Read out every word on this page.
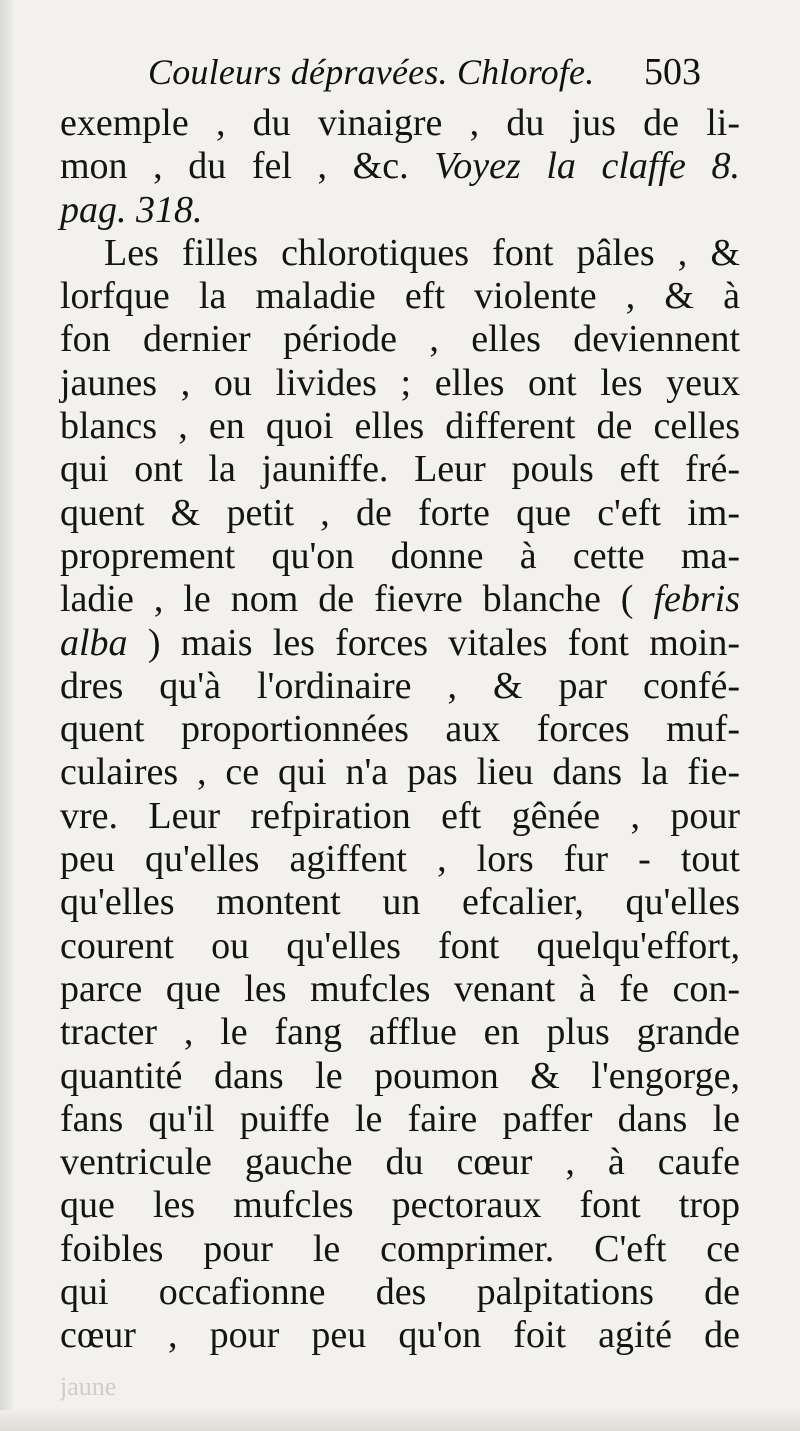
Couleurs dépravées. Chlorofe. 503
exemple , du vinaigre , du jus de li-
mon , du fel , &c. Voyez la claffe 8.
pag. 318.
Les filles chlorotiques font pâles , &
lorfque la maladie eft violente , & à
fon dernier période , elles deviennent
jaunes , ou livides ; elles ont les yeux
blancs , en quoi elles different de celles
qui ont la jauniffe. Leur pouls eft fré-
quent & petit , de forte que c'eft im-
proprement qu'on donne à cette ma-
ladie , le nom de fievre blanche ( febris
alba ) mais les forces vitales font moin-
dres qu'à l'ordinaire , & par confé-
quent proportionnées aux forces muf-
culaires , ce qui n'a pas lieu dans la fie-
vre. Leur refpiration eft gênée , pour
peu qu'elles agiffent , lors fur - tout
qu'elles montent un efcalier, qu'elles
courent ou qu'elles font quelqu'effort,
parce que les mufcles venant à fe con-
tracter , le fang afflue en plus grande
quantité dans le poumon & l'engorge,
fans qu'il puiffe le faire paffer dans le
ventricule gauche du cœur , à caufe
que les mufcles pectoraux font trop
foibles pour le comprimer. C'eft ce
qui occafionne des palpitations de
cœur , pour peu qu'on foit agité de
jaune
